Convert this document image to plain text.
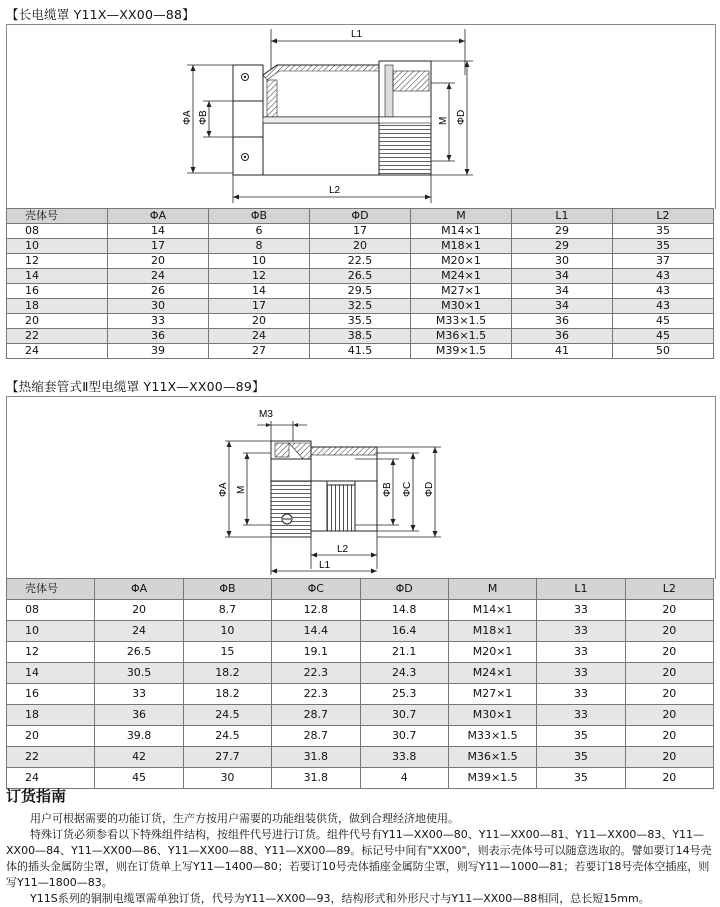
【长电缆罩 Y11X—XX00—88】
L1
L2
ΦA ΦB	M ΦD
壳体号	ΦA	ΦB	ΦD	M	L1	L2
08	14	6	17	M14×1	29	35
10	17	8	20	M18×1	29	35
12	20	10	22.5	M20×1	30	37
14	24	12	26.5	M24×1	34	43
16	26	14	29.5	M27×1	34	43
18	30	17	32.5	M30×1	34	43
20	33	20	35.5	M33×1.5	36	45
22	36	24	38.5	M36×1.5	36	45
24	39	27	41.5	M39×1.5	41	50
【热缩套管式Ⅱ型电缆罩 Y11X—XX00—89】
M3
ΦA M	ΦB ΦC ΦD
L2
L1
壳体号	ΦA	ΦB	ΦC	ΦD	M	L1	L2
08	20	8.7	12.8	14.8	M14×1	33	20
10	24	10	14.4	16.4	M18×1	33	20
12	26.5	15	19.1	21.1	M20×1	33	20
14	30.5	18.2	22.3	24.3	M24×1	33	20
16	33	18.2	22.3	25.3	M27×1	33	20
18	36	24.5	28.7	30.7	M30×1	33	20
20	39.8	24.5	28.7	30.7	M33×1.5	35	20
22	42	27.7	31.8	33.8	M36×1.5	35	20
24	45	30	31.8	4	M39×1.5	35	20
订货指南

用户可根据需要的功能订货，生产方按用户需要的功能组装供货，做到合理经济地使用。

特殊订货必须参看以下特殊组件结构，按组件代号进行订货。组件代号有Y11—XX00—80、Y11—XX00—81、Y11—XX00—83、Y11—XX00—84、Y11—XX00—86、Y11—XX00—88、Y11—XX00—89。标记号中间有"XX00"，则表示壳体号可以随意选取的。譬如要订14号壳体的插头金属防尘罩，则在订货单上写Y11—1400—80；若要订10号壳体插座金属防尘罩，则写Y11—1000—81；若要订18号壳体空插座，则写Y11—1800—83。

Y11S系列的铜制电缆罩需单独订货，代号为Y11—XX00—93，结构形式和外形尺寸与Y11—XX00—88相同，总长短15mm。
